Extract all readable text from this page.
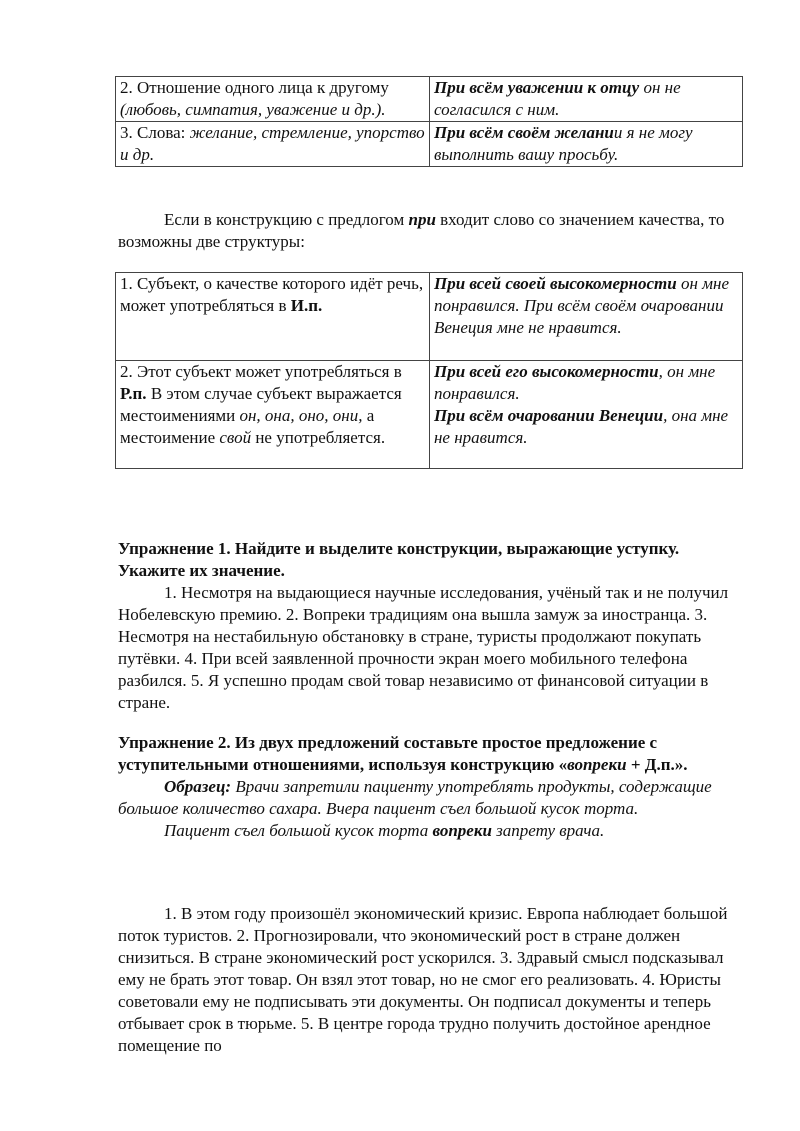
2. Отношение одного лица к другому (любовь, симпатия, уважение и др.).	При всём уважении к отцу он не согласился с ним.
3. Слова: желание, стремление, упорство и др.	При всём своём желании я не могу выполнить вашу просьбу.
Если в конструкцию с предлогом при входит слово со значением качества, то возможны две структуры:
1. Субъект, о качестве которого идёт речь, может употребляться в И.п.	При всей своей высокомерности он мне понравился. При всём своём очаровании Венеция мне не нравится.
2. Этот субъект может употребляться в Р.п. В этом случае субъект выражается местоимениями он, она, оно, они, а местоимение свой не употребляется.	При всей его высокомерности, он мне понравился.
При всём очаровании Венеции, она мне не нравится.
Упражнение 1. Найдите и выделите конструкции, выражающие уступку. Укажите их значение.
1. Несмотря на выдающиеся научные исследования, учёный так и не получил Нобелевскую премию. 2. Вопреки традициям она вышла замуж за иностранца. 3. Несмотря на нестабильную обстановку в стране, туристы продолжают покупать путёвки. 4. При всей заявленной прочности экран моего мобильного телефона разбился. 5. Я успешно продам свой товар независимо от финансовой ситуации в стране.
Упражнение 2. Из двух предложений составьте простое предложение с уступительными отношениями, используя конструкцию «вопреки + Д.п.».
Образец: Врачи запретили пациенту употреблять продукты, содержащие большое количество сахара. Вчера пациент съел большой кусок торта.
Пациент съел большой кусок торта вопреки запрету врача.
1. В этом году произошёл экономический кризис. Европа наблюдает большой поток туристов. 2. Прогнозировали, что экономический рост в стране должен снизиться. В стране экономический рост ускорился. 3. Здравый смысл подсказывал ему не брать этот товар. Он взял этот товар, но не смог его реализовать. 4. Юристы советовали ему не подписывать эти документы. Он подписал документы и теперь отбывает срок в тюрьме. 5. В центре города трудно получить достойное арендное помещение по
